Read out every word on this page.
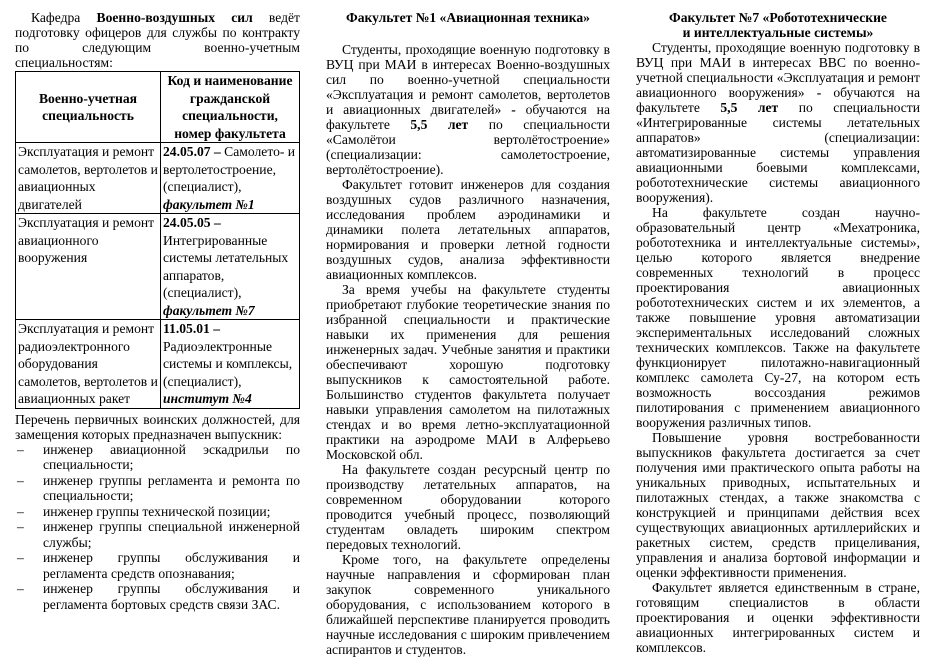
Кафедра Военно-воздушных сил ведёт подготовку офицеров для службы по контракту по следующим военно-учетным специальностям:

Военно-учетная специальность	Код и наименование гражданской специальности, номер факультета
Эксплуатация и ремонт самолетов, вертолетов и авиационных двигателей	24.05.07 – Самолето- и вертолетостроение, (специалист), факультет №1
Эксплуатация и ремонт авиационного вооружения	24.05.05 – Интегрированные системы летательных аппаратов, (специалист), факультет №7
Эксплуатация и ремонт радиоэлектронного оборудования самолетов, вертолетов и авиационных ракет	11.05.01 – Радиоэлектронные системы и комплексы, (специалист), институт №4

Перечень первичных воинских должностей, для замещения которых предназначен выпускник:

– инженер авиационной эскадрильи по специальности;
– инженер группы регламента и ремонта по специальности;
– инженер группы технической позиции;
– инженер группы специальной инженерной службы;
– инженер группы обслуживания и регламента средств опознавания;
– инженер группы обслуживания и регламента бортовых средств связи ЗАС.

Факультет №1 «Авиационная техника»

Студенты, проходящие военную подготовку в ВУЦ при МАИ в интересах Военно-воздушных сил по военно-учетной специальности «Эксплуатация и ремонт самолетов, вертолетов и авиационных двигателей» - обучаются на факультете 5,5 лет по специальности «Самолётои вертолётостроение» (специализации: самолетостроение, вертолётостроение).

Факультет готовит инженеров для создания воздушных судов различного назначения, исследования проблем аэродинамики и динамики полета летательных аппаратов, нормирования и проверки летной годности воздушных судов, анализа эффективности авиационных комплексов.

За время учебы на факультете студенты приобретают глубокие теоретические знания по избранной специальности и практические навыки их применения для решения инженерных задач. Учебные занятия и практики обеспечивают хорошую подготовку выпускников к самостоятельной работе. Большинство студентов факультета получает навыки управления самолетом на пилотажных стендах и во время летно-эксплуатационной практики на аэродроме МАИ в Алферьево Московской обл.

На факультете создан ресурсный центр по производству летательных аппаратов, на современном оборудовании которого проводится учебный процесс, позволяющий студентам овладеть широким спектром передовых технологий.

Кроме того, на факультете определены научные направления и сформирован план закупок современного уникального оборудования, с использованием которого в ближайшей перспективе планируется проводить научные исследования с широким привлечением аспирантов и студентов.

Факультет №7 «Робототехнические и интеллектуальные системы»

Студенты, проходящие военную подготовку в ВУЦ при МАИ в интересах ВВС по военно-учетной специальности «Эксплуатация и ремонт авиационного вооружения» - обучаются на факультете 5,5 лет по специальности «Интегрированные системы летательных аппаратов» (специализации: автоматизированные системы управления авиационными боевыми комплексами, робототехнические системы авиационного вооружения).

На факультете создан научно-образовательный центр «Мехатроника, робототехника и интеллектуальные системы», целью которого является внедрение современных технологий в процесс проектирования авиационных робототехнических систем и их элементов, а также повышение уровня автоматизации экспериментальных исследований сложных технических комплексов. Также на факультете функционирует пилотажно-навигационный комплекс самолета Су-27, на котором есть возможность воссоздания режимов пилотирования с применением авиационного вооружения различных типов.

Повышение уровня востребованности выпускников факультета достигается за счет получения ими практического опыта работы на уникальных приводных, испытательных и пилотажных стендах, а также знакомства с конструкцией и принципами действия всех существующих авиационных артиллерийских и ракетных систем, средств прицеливания, управления и анализа бортовой информации и оценки эффективности применения.

Факультет является единственным в стране, готовящим специалистов в области проектирования и оценки эффективности авиационных интегрированных систем и комплексов.
